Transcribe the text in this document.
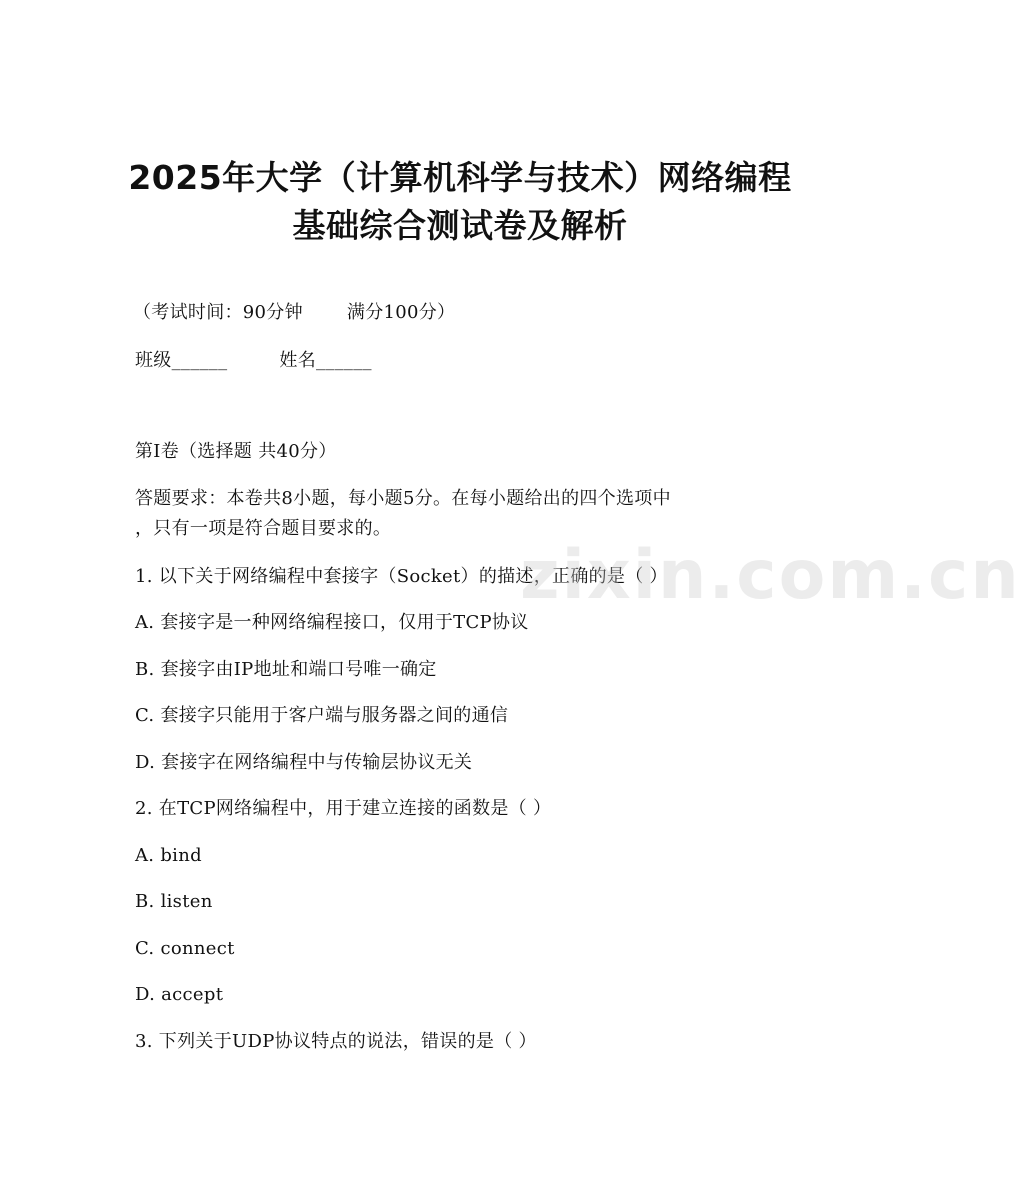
2025年大学（计算机科学与技术）网络编程
基础综合测试卷及解析
（考试时间：90分钟 满分100分）
班级______	姓名______
第I卷（选择题 共40分）
答题要求：本卷共8小题，每小题5分。在每小题给出的四个选项中
，只有一项是符合题目要求的。
1. 以下关于网络编程中套接字（Socket）的描述，正确的是（ ）
A. 套接字是一种网络编程接口，仅用于TCP协议
B. 套接字由IP地址和端口号唯一确定
C. 套接字只能用于客户端与服务器之间的通信
D. 套接字在网络编程中与传输层协议无关
2. 在TCP网络编程中，用于建立连接的函数是（ ）
A. bind
B. listen
C. connect
D. accept
3. 下列关于UDP协议特点的说法，错误的是（ ）
zixin.com.cn
